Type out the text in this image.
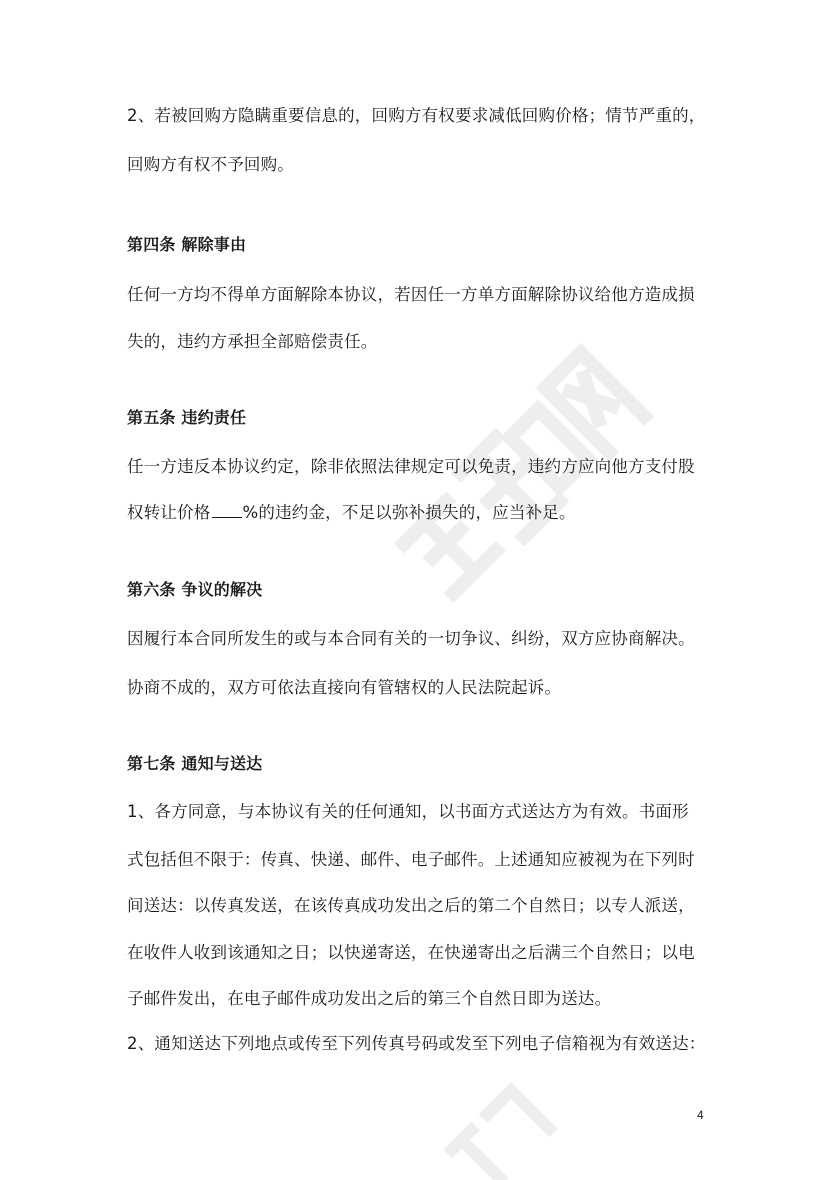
2、若被回购方隐瞒重要信息的，回购方有权要求减低回购价格；情节严重的，
回购方有权不予回购。
第四条 解除事由
任何一方均不得单方面解除本协议，若因任一方单方面解除协议给他方造成损
失的，违约方承担全部赔偿责任。
第五条 违约责任
任一方违反本协议约定，除非依照法律规定可以免责，违约方应向他方支付股
权转让价格 %的违约金，不足以弥补损失的，应当补足。
第六条 争议的解决
因履行本合同所发生的或与本合同有关的一切争议、纠纷，双方应协商解决。
协商不成的，双方可依法直接向有管辖权的人民法院起诉。
第七条 通知与送达
1、各方同意，与本协议有关的任何通知，以书面方式送达方为有效。书面形
式包括但不限于：传真、快递、邮件、电子邮件。上述通知应被视为在下列时
间送达：以传真发送，在该传真成功发出之后的第二个自然日；以专人派送，
在收件人收到该通知之日；以快递寄送，在快递寄出之后满三个自然日；以电
子邮件发出，在电子邮件成功发出之后的第三个自然日即为送达。
2、通知送达下列地点或传至下列传真号码或发至下列电子信箱视为有效送达：
4
